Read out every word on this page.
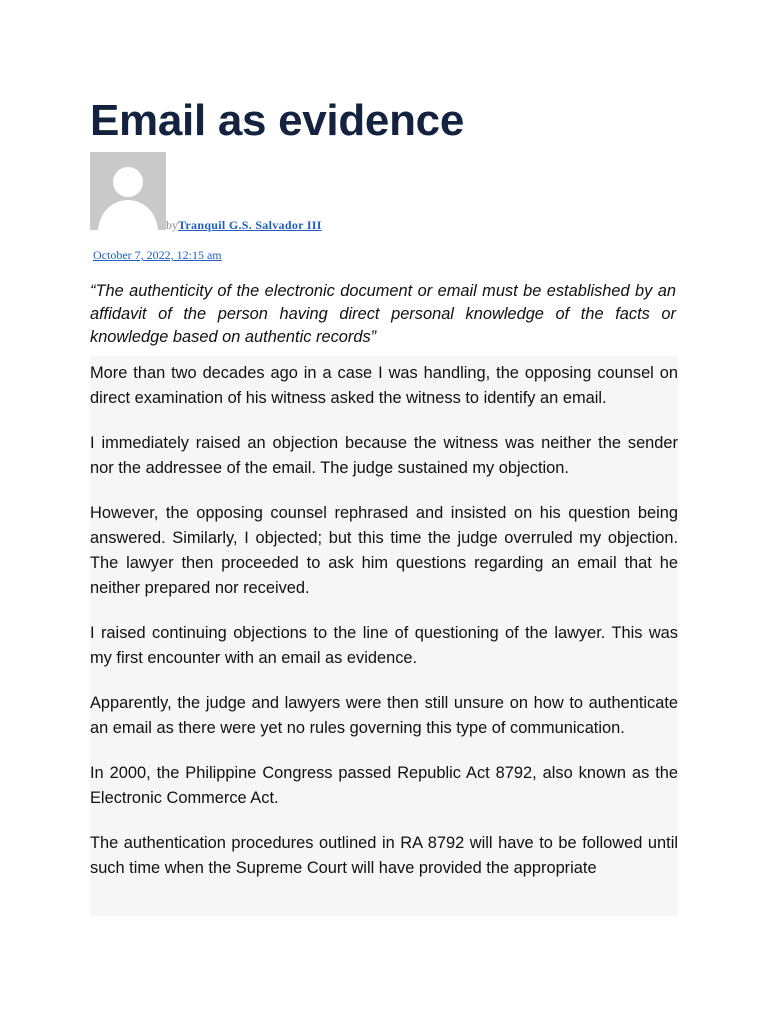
Email as evidence
byTranquil G.S. Salvador III
October 7, 2022, 12:15 am

“The authenticity of the electronic document or email must be established by an affidavit of the person having direct personal knowledge of the facts or knowledge based on authentic records”

More than two decades ago in a case I was handling, the opposing counsel on direct examination of his witness asked the witness to identify an email.

I immediately raised an objection because the witness was neither the sender nor the addressee of the email. The judge sustained my objection.

However, the opposing counsel rephrased and insisted on his question being answered. Similarly, I objected; but this time the judge overruled my objection. The lawyer then proceeded to ask him questions regarding an email that he neither prepared nor received.

I raised continuing objections to the line of questioning of the lawyer. This was my first encounter with an email as evidence.

Apparently, the judge and lawyers were then still unsure on how to authenticate an email as there were yet no rules governing this type of communication.

In 2000, the Philippine Congress passed Republic Act 8792, also known as the Electronic Commerce Act.

The authentication procedures outlined in RA 8792 will have to be followed until such time when the Supreme Court will have provided the appropriate
